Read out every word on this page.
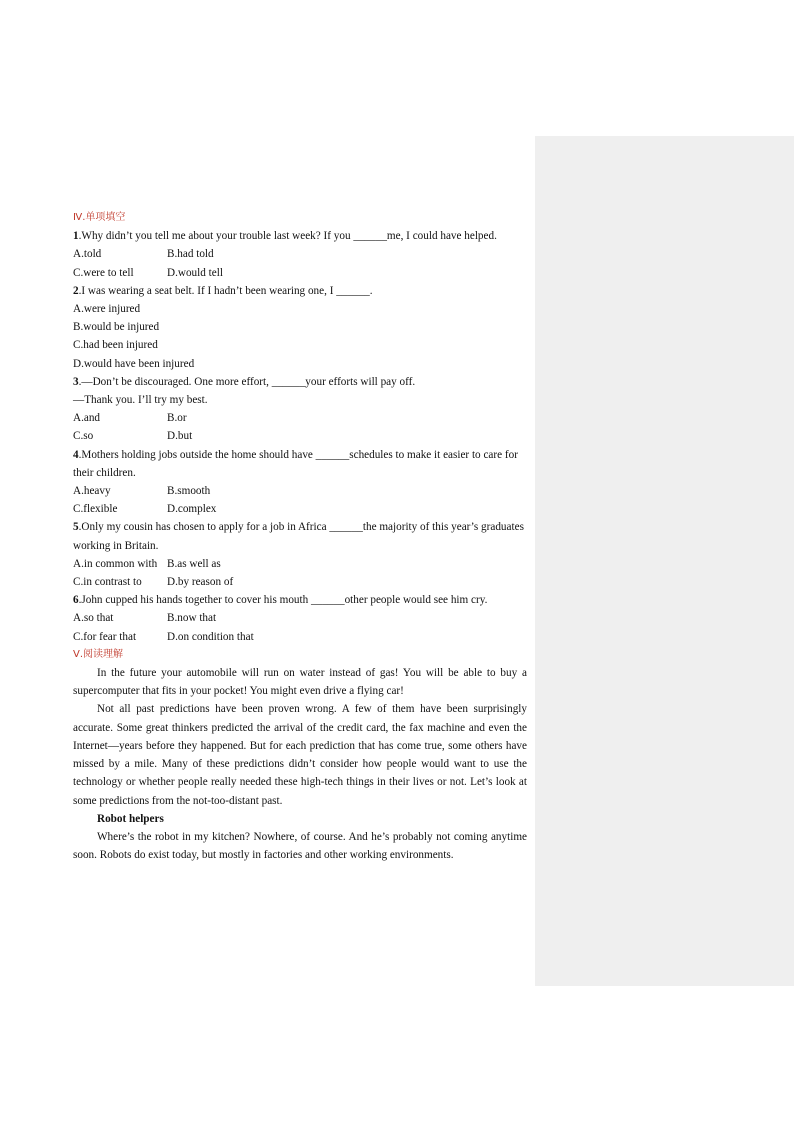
Ⅳ.单项填空
1.Why didn’t you tell me about your trouble last week? If you ______me, I could have helped.
A.told	B.had told
C.were to tell	D.would tell
2.I was wearing a seat belt. If I hadn’t been wearing one, I ______.
A.were injured
B.would be injured
C.had been injured
D.would have been injured
3.—Don’t be discouraged. One more effort, ______your efforts will pay off.
—Thank you. I’ll try my best.
A.and	B.or
C.so	D.but
4.Mothers holding jobs outside the home should have ______schedules to make it easier to care for their children.
A.heavy	B.smooth
C.flexible	D.complex
5.Only my cousin has chosen to apply for a job in Africa ______the majority of this year’s graduates working in Britain.
A.in common with B.as well as
C.in contrast to D.by reason of
6.John cupped his hands together to cover his mouth ______other people would see him cry.
A.so that	B.now that
C.for fear that	D.on condition that
Ⅴ.阅读理解
In the future your automobile will run on water instead of gas! You will be able to buy a supercomputer that fits in your pocket! You might even drive a flying car!
Not all past predictions have been proven wrong. A few of them have been surprisingly accurate. Some great thinkers predicted the arrival of the credit card, the fax machine and even the Internet—years before they happened. But for each prediction that has come true, some others have missed by a mile. Many of these predictions didn’t consider how people would want to use the technology or whether people really needed these high-tech things in their lives or not. Let’s look at some predictions from the not-too-distant past.
Robot helpers
Where’s the robot in my kitchen? Nowhere, of course. And he’s probably not coming anytime soon. Robots do exist today, but mostly in factories and other working environments.
